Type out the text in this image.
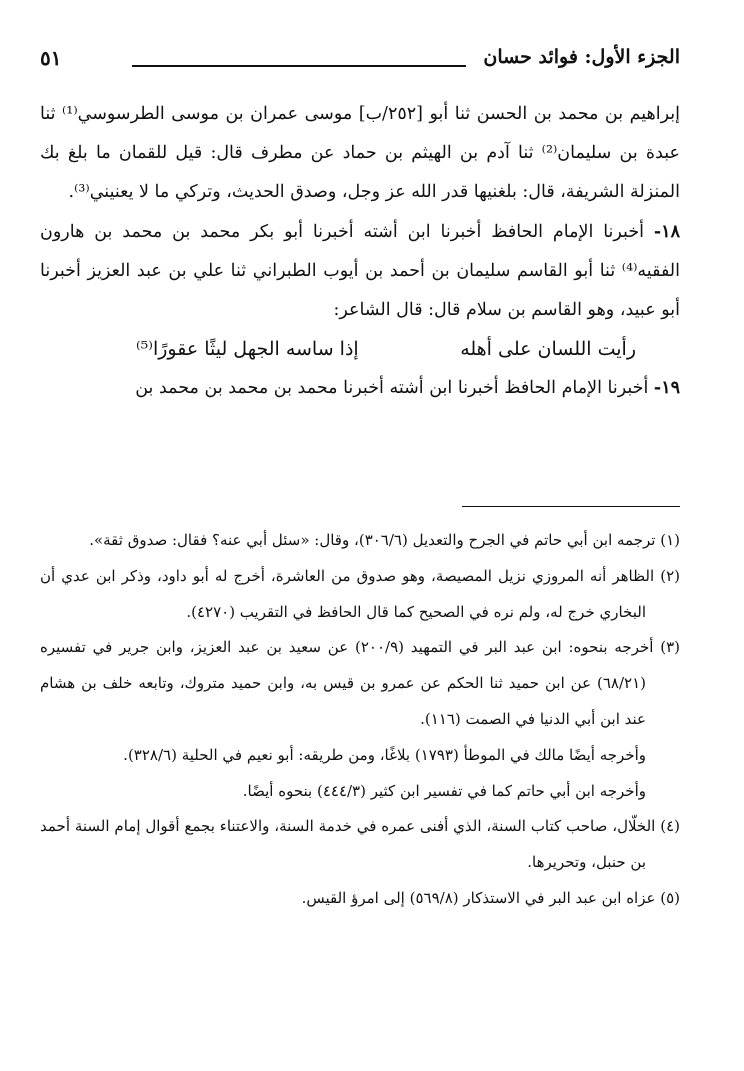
الجزء الأول: فوائد حسان
٥١

إبراهيم بن محمد بن الحسن ثنا أبو [٢٥٢/ب] موسى عمران بن موسى الطرسوسي⁽¹⁾ ثنا عبدة بن سليمان⁽²⁾ ثنا آدم بن الهيثم بن حماد عن مطرف قال: قيل للقمان ما بلغ بك المنزلة الشريفة، قال: بلغنيها قدر الله عز وجل، وصدق الحديث، وتركي ما لا يعنيني⁽³⁾.

١٨- أخبرنا الإمام الحافظ أخبرنا ابن أشته أخبرنا أبو بكر محمد بن محمد بن هارون الفقيه⁽⁴⁾ ثنا أبو القاسم سليمان بن أحمد بن أيوب الطبراني ثنا علي بن عبد العزيز أخبرنا أبو عبيد، وهو القاسم بن سلام قال: قال الشاعر:

رأيت اللسان على أهله
إذا ساسه الجهل ليثًا عقورًا⁽⁵⁾

١٩- أخبرنا الإمام الحافظ أخبرنا ابن أشته أخبرنا محمد بن محمد بن محمد بن

(١) ترجمه ابن أبي حاتم في الجرح والتعديل (٣٠٦/٦)، وقال: «سئل أبي عنه؟ فقال: صدوق ثقة».

(٢) الظاهر أنه المروزي نزيل المصيصة، وهو صدوق من العاشرة، أخرج له أبو داود، وذكر ابن عدي أن البخاري خرج له، ولم نره في الصحيح كما قال الحافظ في التقريب (٤٢٧٠).

(٣) أخرجه بنحوه: ابن عبد البر في التمهيد (٢٠٠/٩) عن سعيد بن عبد العزيز، وابن جرير في تفسيره (٦٨/٢١) عن ابن حميد ثنا الحكم عن عمرو بن قيس به، وابن حميد متروك، وتابعه خلف بن هشام عند ابن أبي الدنيا في الصمت (١١٦).

وأخرجه أيضًا مالك في الموطأ (١٧٩٣) بلاغًا، ومن طريقه: أبو نعيم في الحلية (٣٢٨/٦).

وأخرجه ابن أبي حاتم كما في تفسير ابن كثير (٤٤٤/٣) بنحوه أيضًا.

(٤) الخلّال، صاحب كتاب السنة، الذي أفنى عمره في خدمة السنة، والاعتناء بجمع أقوال إمام السنة أحمد بن حنبل، وتحريرها.

(٥) عزاه ابن عبد البر في الاستذكار (٥٦٩/٨) إلى امرؤ القيس.
